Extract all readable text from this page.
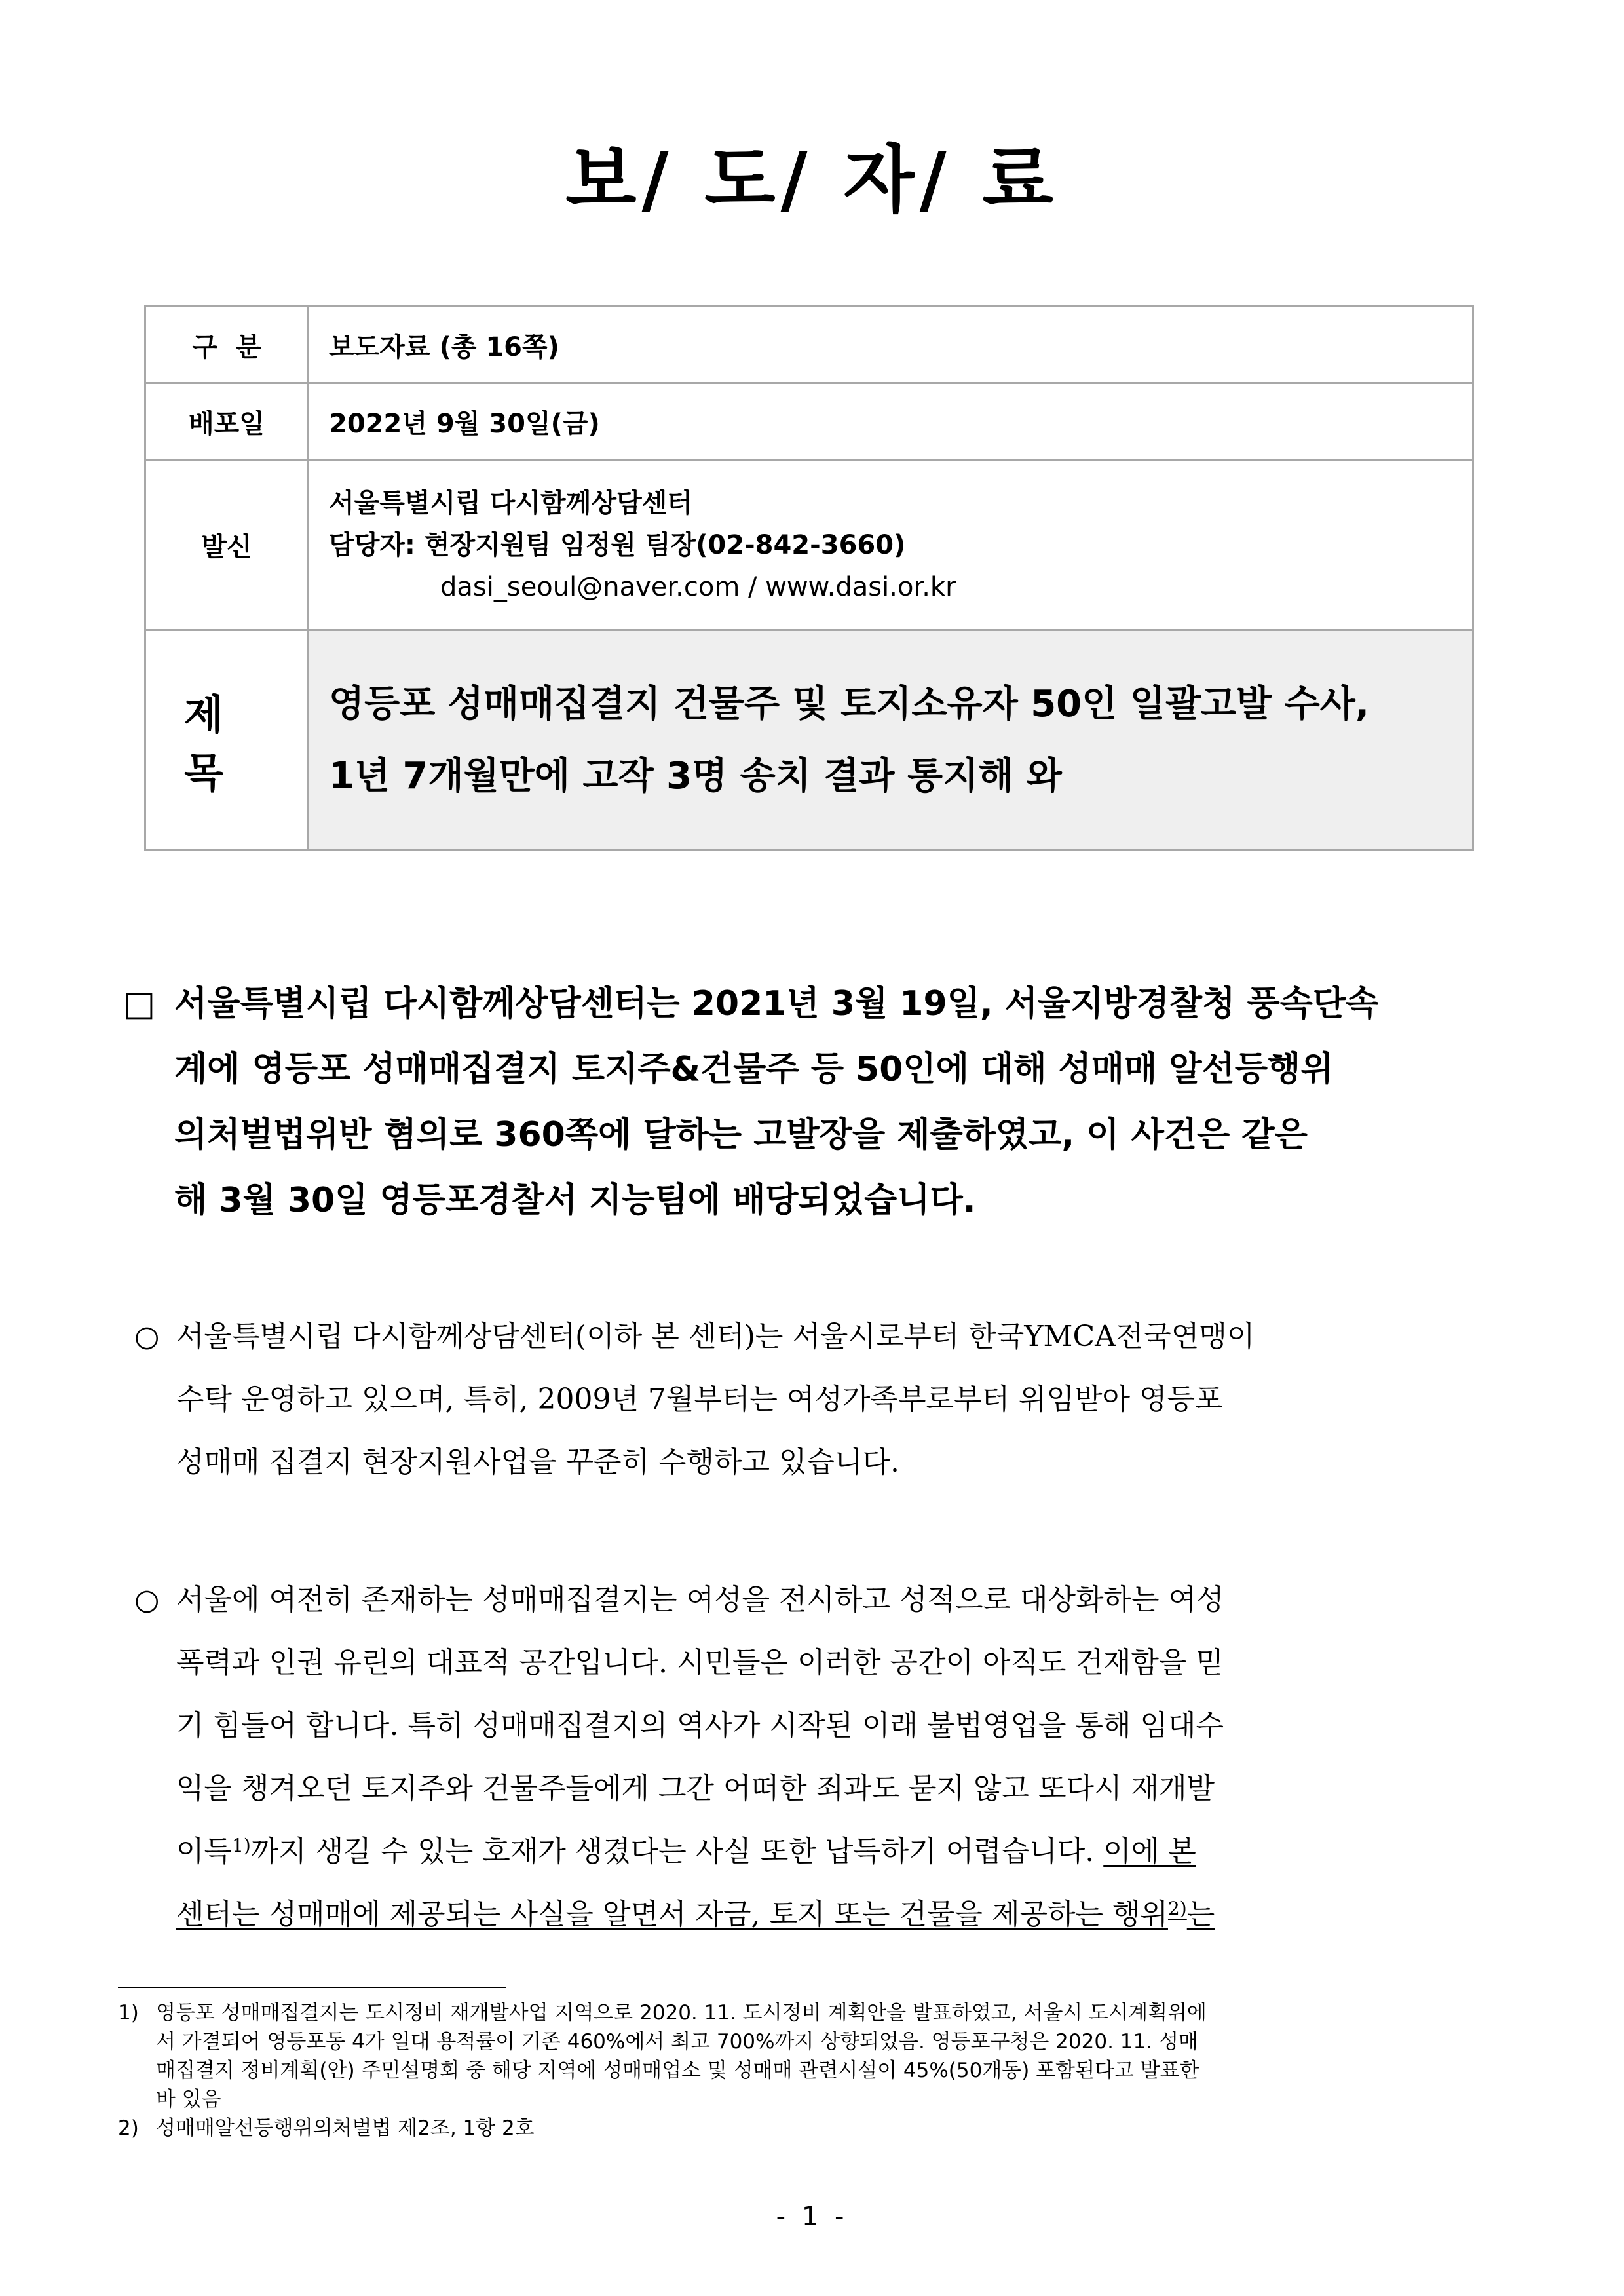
보/ 도/ 자/ 료
구  분	보도자료 (총 16쪽)
배포일	2022년 9월 30일(금)
발신	서울특별시립 다시함께상담센터
담당자: 현장지원팀 임정원 팀장(02-842-3660)
dasi_seoul@naver.com / www.dasi.or.kr

제목	영등포 성매매집결지 건물주 및 토지소유자 50인 일괄고발 수사,
1년 7개월만에 고작 3명 송치 결과 통지해 와
□ 서울특별시립 다시함께상담센터는 2021년 3월 19일, 서울지방경찰청 풍속단속
계에 영등포 성매매집결지 토지주&건물주 등 50인에 대해 성매매 알선등행위
의처벌법위반 혐의로 360쪽에 달하는 고발장을 제출하였고, 이 사건은 같은
해 3월 30일 영등포경찰서 지능팀에 배당되었습니다.
○ 서울특별시립 다시함께상담센터(이하 본 센터)는 서울시로부터 한국YMCA전국연맹이
수탁 운영하고 있으며, 특히, 2009년 7월부터는 여성가족부로부터 위임받아 영등포
성매매 집결지 현장지원사업을 꾸준히 수행하고 있습니다.
○ 서울에 여전히 존재하는 성매매집결지는 여성을 전시하고 성적으로 대상화하는 여성
폭력과 인권 유린의 대표적 공간입니다. 시민들은 이러한 공간이 아직도 건재함을 믿
기 힘들어 합니다. 특히 성매매집결지의 역사가 시작된 이래 불법영업을 통해 임대수
익을 챙겨오던 토지주와 건물주들에게 그간 어떠한 죄과도 묻지 않고 또다시 재개발
이득$^{1)}$까지 생길 수 있는 호재가 생겼다는 사실 또한 납득하기 어렵습니다. 이에 본
센터는 성매매에 제공되는 사실을 알면서 자금, 토지 또는 건물을 제공하는 행위$^{2)}$는
1) 영등포 성매매집결지는 도시정비 재개발사업 지역으로 2020. 11. 도시정비 계획안을 발표하였고, 서울시 도시계획위에
서 가결되어 영등포동 4가 일대 용적률이 기존 460%에서 최고 700%까지 상향되었음. 영등포구청은 2020. 11. 성매
매집결지 정비계획(안) 주민설명회 중 해당 지역에 성매매업소 및 성매매 관련시설이 45%(50개동) 포함된다고 발표한
바 있음
2) 성매매알선등행위의처벌법 제2조, 1항 2호
- 1 -
